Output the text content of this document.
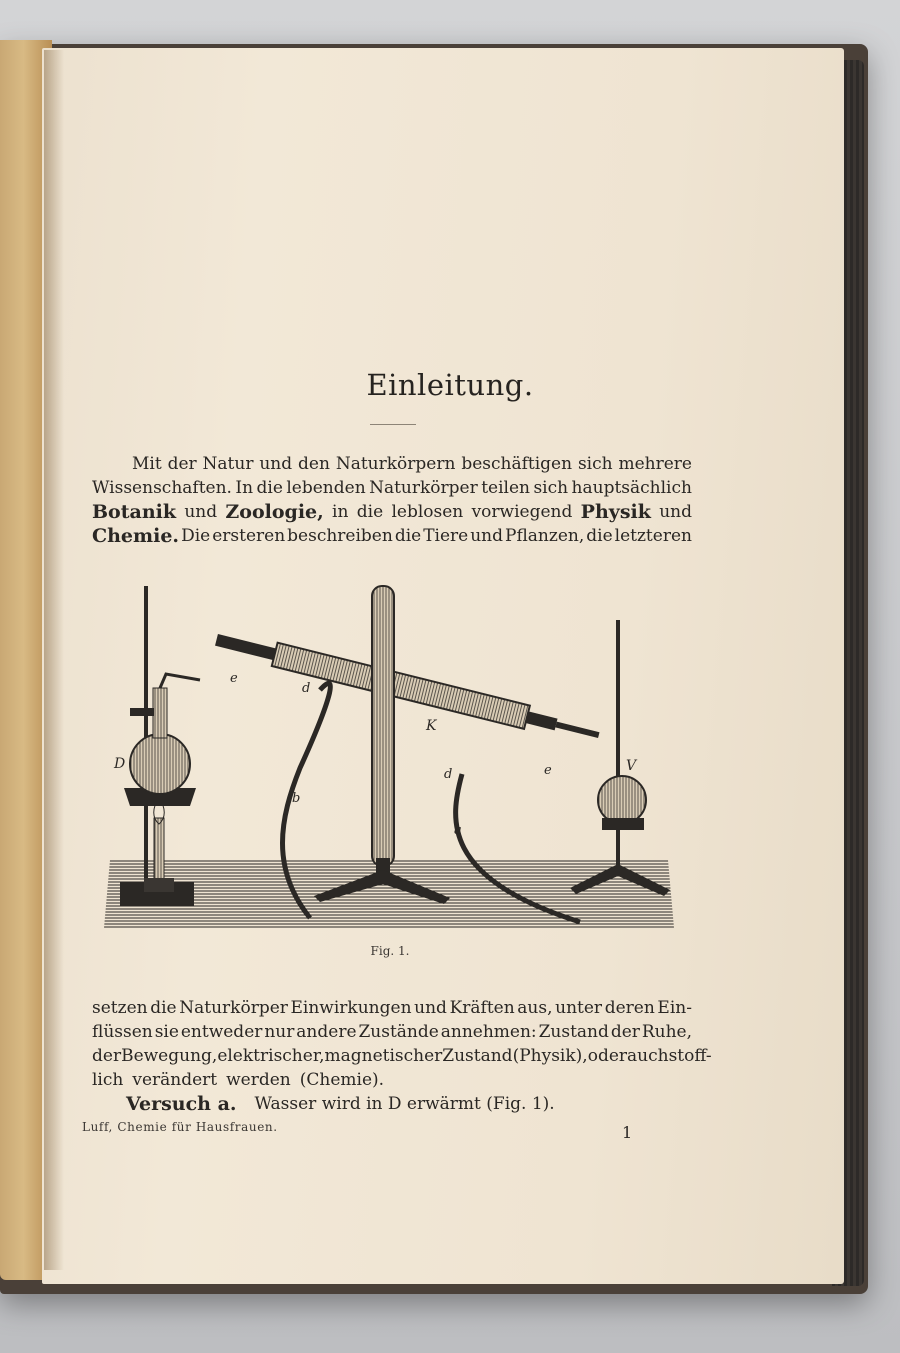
Einleitung.
Mit der Natur und den Naturkörpern beschäftigen sich mehrere
Wissenschaften. In die lebenden Naturkörper teilen sich hauptsächlich
Botanik und Zoologie, in die leblosen vorwiegend Physik und
Chemie. Die ersteren beschreiben die Tiere und Pflanzen, die letzteren
D
e
d
K
d	e	V
b
a
Fig. 1.
setzen die Naturkörper Einwirkungen und Kräften aus, unter deren Ein-
flüssen sie entweder nur andere Zustände annehmen: Zustand der Ruhe,
der Bewegung, elektrischer, magnetischer Zustand (Physik), oder auch stoff-
lich verändert werden (Chemie).
Versuch a. Wasser wird in D erwärmt (Fig. 1).
Luff, Chemie für Hausfrauen.	1
